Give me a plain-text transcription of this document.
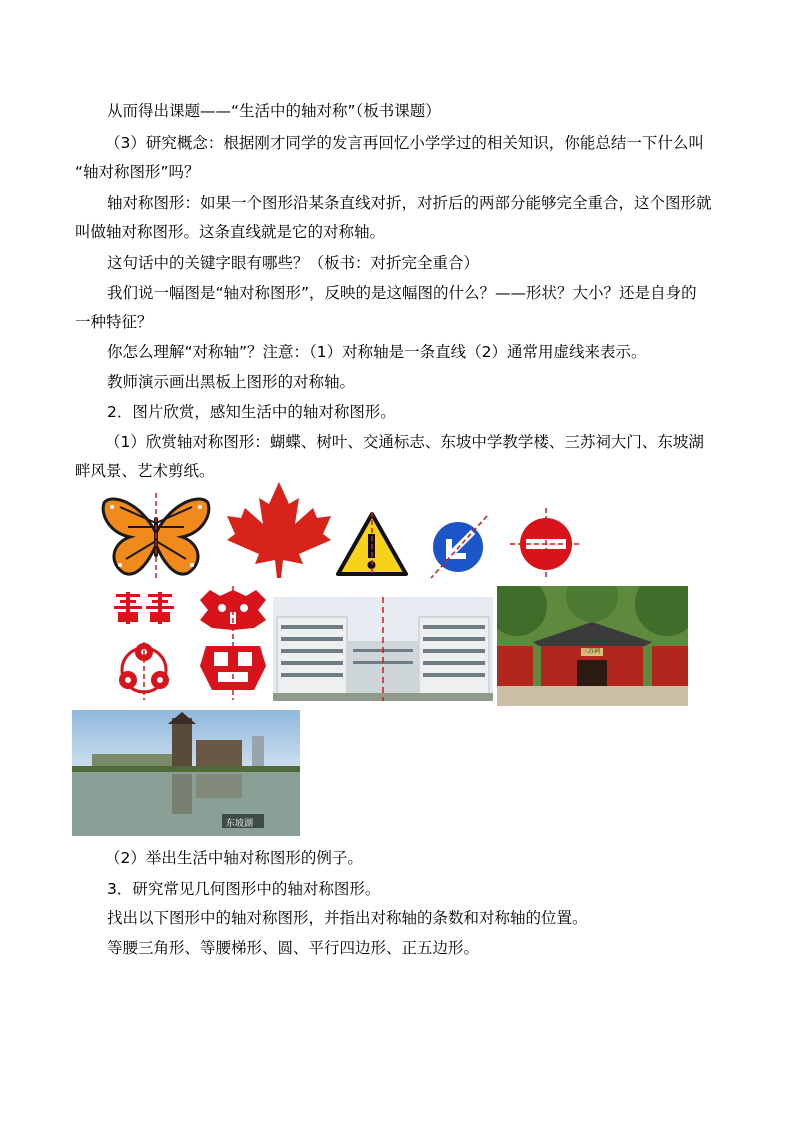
从而得出课题——“生活中的轴对称”（板书课题）
（3）研究概念：根据刚才同学的发言再回忆小学学过的相关知识，你能总结一下什么叫
“轴对称图形”吗？
轴对称图形：如果一个图形沿某条直线对折，对折后的两部分能够完全重合，这个图形就
叫做轴对称图形。这条直线就是它的对称轴。
这句话中的关键字眼有哪些？（板书：对折完全重合）
我们说一幅图是“轴对称图形”，反映的是这幅图的什么？——形状？大小？还是自身的
一种特征？
你怎么理解“对称轴”？注意：（1）对称轴是一条直线（2）通常用虚线来表示。
教师演示画出黑板上图形的对称轴。
2．图片欣赏，感知生活中的轴对称图形。
（1）欣赏轴对称图形：蝴蝶、树叶、交通标志、东坡中学教学楼、三苏祠大门、东坡湖
畔风景、艺术剪纸。
三苏祠
东坡湖
（2）举出生活中轴对称图形的例子。
3．研究常见几何图形中的轴对称图形。
找出以下图形中的轴对称图形，并指出对称轴的条数和对称轴的位置。
等腰三角形、等腰梯形、圆、平行四边形、正五边形。
